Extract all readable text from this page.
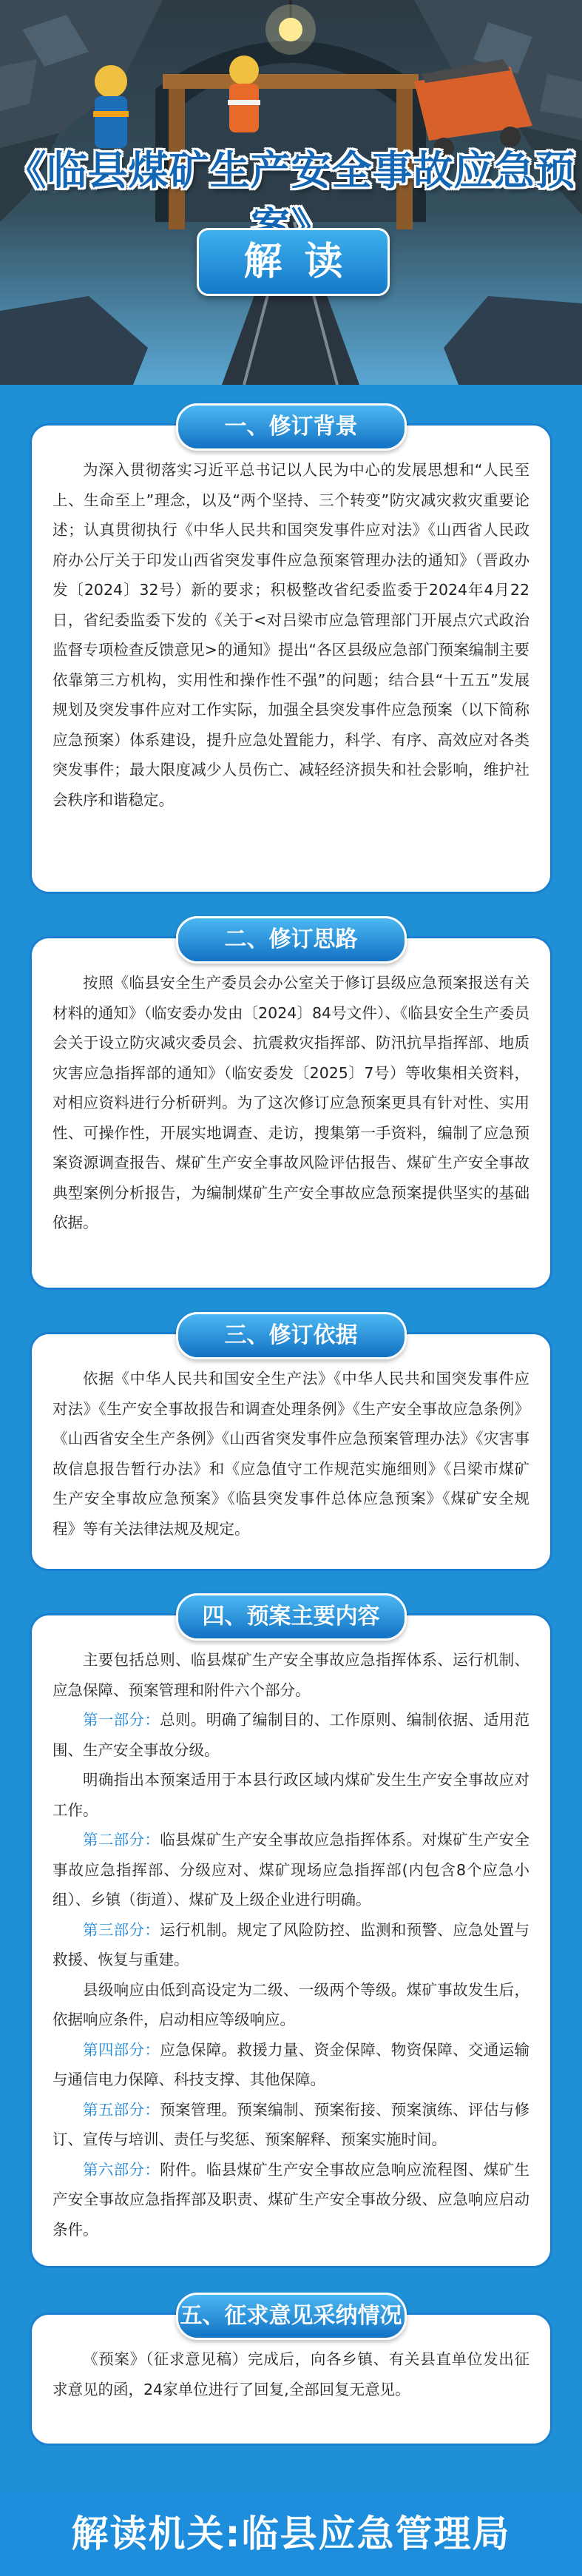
《临县煤矿生产安全事故应急预
解读
一、修订背景

为深入贯彻落实习近平总书记以人民为中心的发展思想和“人民至上、生命至上”理念，以及“两个坚持、三个转变”防灾减灾救灾重要论述；认真贯彻执行《中华人民共和国突发事件应对法》《山西省人民政府办公厅关于印发山西省突发事件应急预案管理办法的通知》（晋政办发〔2024〕32号）新的要求；积极整改省纪委监委于2024年4月22日，省纪委监委下发的《关于<对吕梁市应急管理部门开展点穴式政治监督专项检查反馈意见>的通知》提出“各区县级应急部门预案编制主要依靠第三方机构，实用性和操作性不强”的问题；结合县“十五五”发展规划及突发事件应对工作实际，加强全县突发事件应急预案（以下简称应急预案）体系建设，提升应急处置能力，科学、有序、高效应对各类突发事件；最大限度减少人员伤亡、减轻经济损失和社会影响，维护社会秩序和谐稳定。

二、修订思路

按照《临县安全生产委员会办公室关于修订县级应急预案报送有关材料的通知》（临安委办发由〔2024〕84号文件）、《临县安全生产委员会关于设立防灾减灾委员会、抗震救灾指挥部、防汛抗旱指挥部、地质灾害应急指挥部的通知》（临安委发〔2025〕7号）等收集相关资料，对相应资料进行分析研判。为了这次修订应急预案更具有针对性、实用性、可操作性，开展实地调查、走访，搜集第一手资料，编制了应急预案资源调查报告、煤矿生产安全事故风险评估报告、煤矿生产安全事故典型案例分析报告，为编制煤矿生产安全事故应急预案提供坚实的基础依据。

三、修订依据

依据《中华人民共和国安全生产法》《中华人民共和国突发事件应对法》《生产安全事故报告和调查处理条例》《生产安全事故应急条例》《山西省安全生产条例》《山西省突发事件应急预案管理办法》《灾害事故信息报告暂行办法》和《应急值守工作规范实施细则》《吕梁市煤矿生产安全事故应急预案》《临县突发事件总体应急预案》《煤矿安全规程》等有关法律法规及规定。

四、预案主要内容

主要包括总则、临县煤矿生产安全事故应急指挥体系、运行机制、应急保障、预案管理和附件六个部分。

第一部分：总则。明确了编制目的、工作原则、编制依据、适用范围、生产安全事故分级。

明确指出本预案适用于本县行政区域内煤矿发生生产安全事故应对工作。

第二部分：临县煤矿生产安全事故应急指挥体系。对煤矿生产安全事故应急指挥部、分级应对、煤矿现场应急指挥部(内包含8个应急小组）、乡镇（街道）、煤矿及上级企业进行明确。

第三部分：运行机制。规定了风险防控、监测和预警、应急处置与救援、恢复与重建。

县级响应由低到高设定为二级、一级两个等级。煤矿事故发生后，依据响应条件，启动相应等级响应。

第四部分：应急保障。救援力量、资金保障、物资保障、交通运输与通信电力保障、科技支撑、其他保障。

第五部分：预案管理。预案编制、预案衔接、预案演练、评估与修订、宣传与培训、责任与奖惩、预案解释、预案实施时间。

第六部分：附件。临县煤矿生产安全事故应急响应流程图、煤矿生产安全事故应急指挥部及职责、煤矿生产安全事故分级、应急响应启动条件。

五、征求意见采纳情况

《预案》（征求意见稿）完成后，向各乡镇、有关县直单位发出征求意见的函，24家单位进行了回复,全部回复无意见。

解读机关:临县应急管理局
